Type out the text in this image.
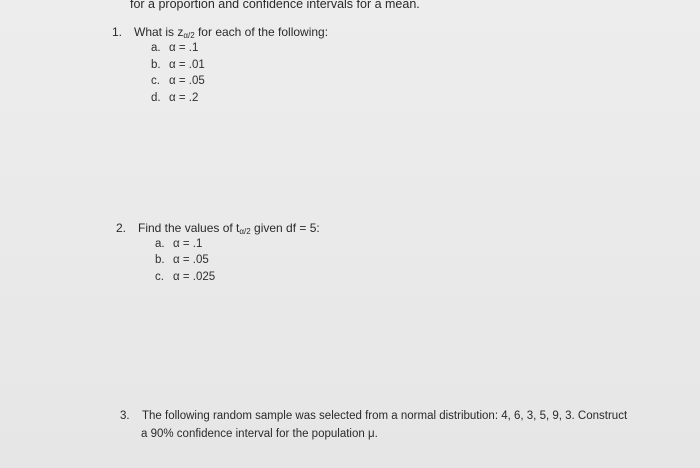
for a proportion and confidence intervals for a mean.
1. What is zα/2 for each of the following:
a. α = .1
b. α = .01
c. α = .05
d. α = .2
2. Find the values of tα/2 given df = 5:
a. α = .1
b. α = .05
c. α = .025
3. The following random sample was selected from a normal distribution: 4, 6, 3, 5, 9, 3. Construct
a 90% confidence interval for the population μ.
